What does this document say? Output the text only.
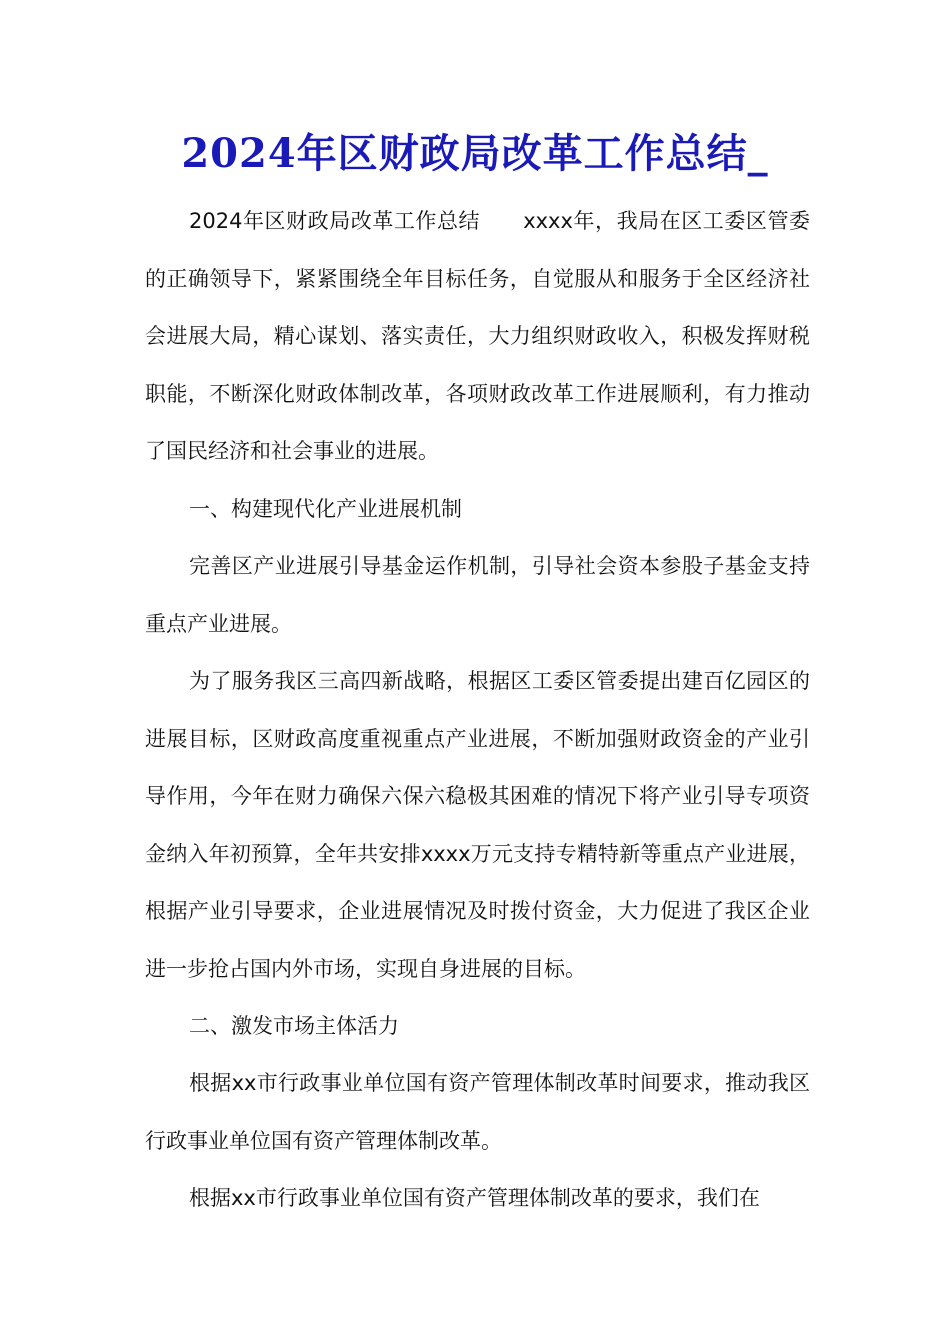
2024年区财政局改革工作总结_

2024年区财政局改革工作总结　　xxxx年，我局在区工委区管委的正确领导下，紧紧围绕全年目标任务，自觉服从和服务于全区经济社会进展大局，精心谋划、落实责任，大力组织财政收入，积极发挥财税职能，不断深化财政体制改革，各项财政改革工作进展顺利，有力推动了国民经济和社会事业的进展。

一、构建现代化产业进展机制

完善区产业进展引导基金运作机制，引导社会资本参股子基金支持重点产业进展。

为了服务我区三高四新战略，根据区工委区管委提出建百亿园区的进展目标，区财政高度重视重点产业进展，不断加强财政资金的产业引导作用，今年在财力确保六保六稳极其困难的情况下将产业引导专项资金纳入年初预算，全年共安排xxxx万元支持专精特新等重点产业进展，根据产业引导要求，企业进展情况及时拨付资金，大力促进了我区企业进一步抢占国内外市场，实现自身进展的目标。

二、激发市场主体活力

根据xx市行政事业单位国有资产管理体制改革时间要求，推动我区行政事业单位国有资产管理体制改革。

根据xx市行政事业单位国有资产管理体制改革的要求，我们在
